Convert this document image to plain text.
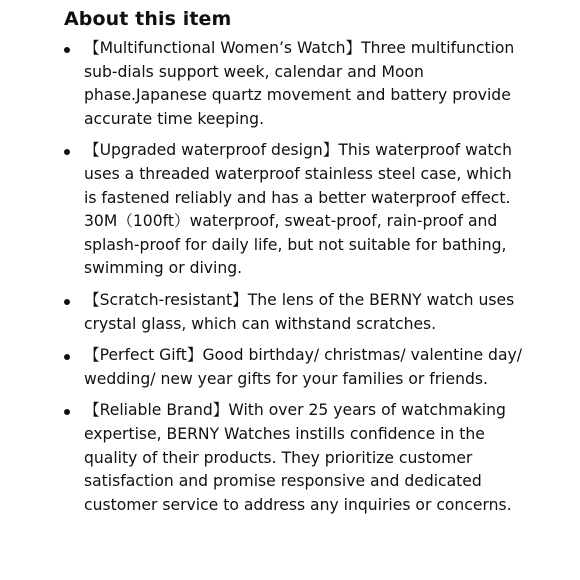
About this item
【Multifunctional Women’s Watch】Three multifunction sub-dials support week, calendar and Moon phase.Japanese quartz movement and battery provide accurate time keeping.
【Upgraded waterproof design】This waterproof watch uses a threaded waterproof stainless steel case, which is fastened reliably and has a better waterproof effect. 30M（100ft）waterproof, sweat-proof, rain-proof and splash-proof for daily life, but not suitable for bathing, swimming or diving.
【Scratch-resistant】The lens of the BERNY watch uses crystal glass, which can withstand scratches.
【Perfect Gift】Good birthday/ christmas/ valentine day/ wedding/ new year gifts for your families or friends.
【Reliable Brand】With over 25 years of watchmaking expertise, BERNY Watches instills confidence in the quality of their products. They prioritize customer satisfaction and promise responsive and dedicated customer service to address any inquiries or concerns.
